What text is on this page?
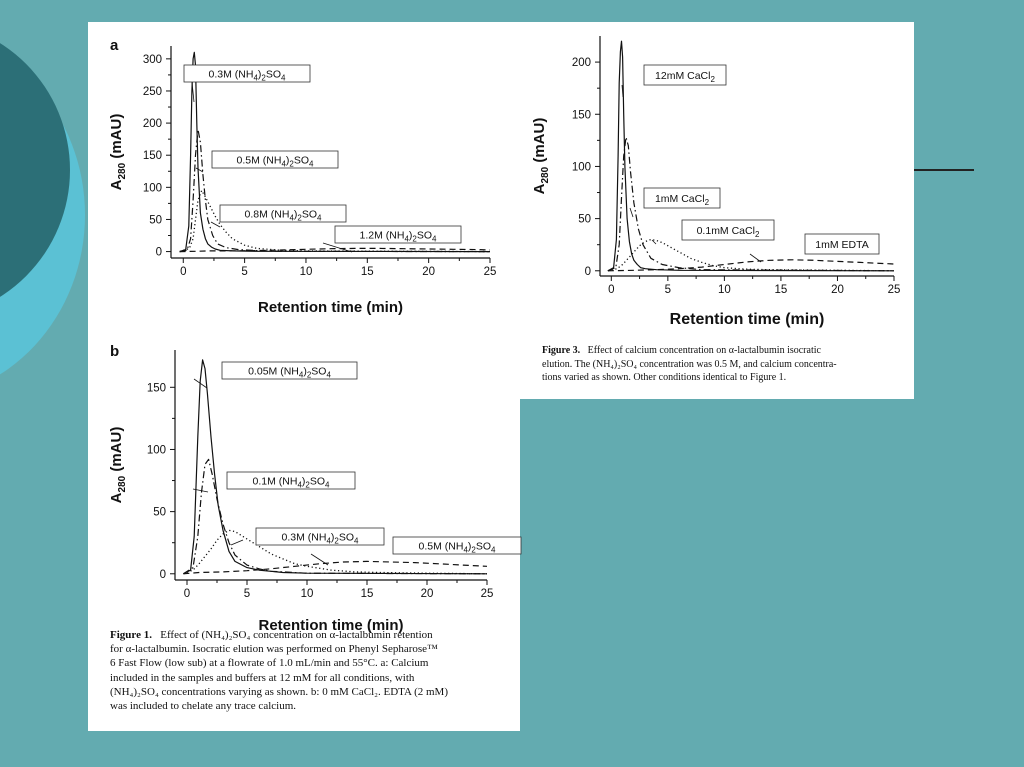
0	5	10	15	20	25
0
50
100
150
200
250
300
Retention time (min)
$A_{280}$ (mAU)
a
0.3M $(NH_4)_2SO_4$
0.5M $(NH_4)_2SO_4$
0.8M $(NH_4)_2SO_4$
1.2M $(NH_4)_2SO_4$
0	5	10	15	20	25
0
50
100
150
Retention time (min)
$A_{280}$ (mAU)
b
0.05M $(NH_4)_2SO_4$
0.1M $(NH_4)_2SO_4$
0.3M $(NH_4)_2SO_4$	0.5M $(NH_4)_2SO_4$
Figure 1. Effect of (NH₄)₂SO₄ concentration on α-lactalbumin retention
for α-lactalbumin. Isocratic elution was performed on Phenyl Sepharose™
6 Fast Flow (low sub) at a flowrate of 1.0 mL/min and 55°C. a: Calcium
included in the samples and buffers at 12 mM for all conditions, with
(NH₄)₂SO₄ concentrations varying as shown. b: 0 mM CaCl₂. EDTA (2 mM)
was included to chelate any trace calcium.
0	5	10	15	20	25
0
50
100
150
200
Retention time (min)
$A_{280}$ (mAU)
12mM CaCl$_2$
1mM CaCl$_2$
0.1mM CaCl$_2$
1mM EDTA
Figure 3. Effect of calcium concentration on α-lactalbumin isocratic
elution. The (NH₄)₂SO₄ concentration was 0.5 M, and calcium concentra-
tions varied as shown. Other conditions identical to Figure 1.
